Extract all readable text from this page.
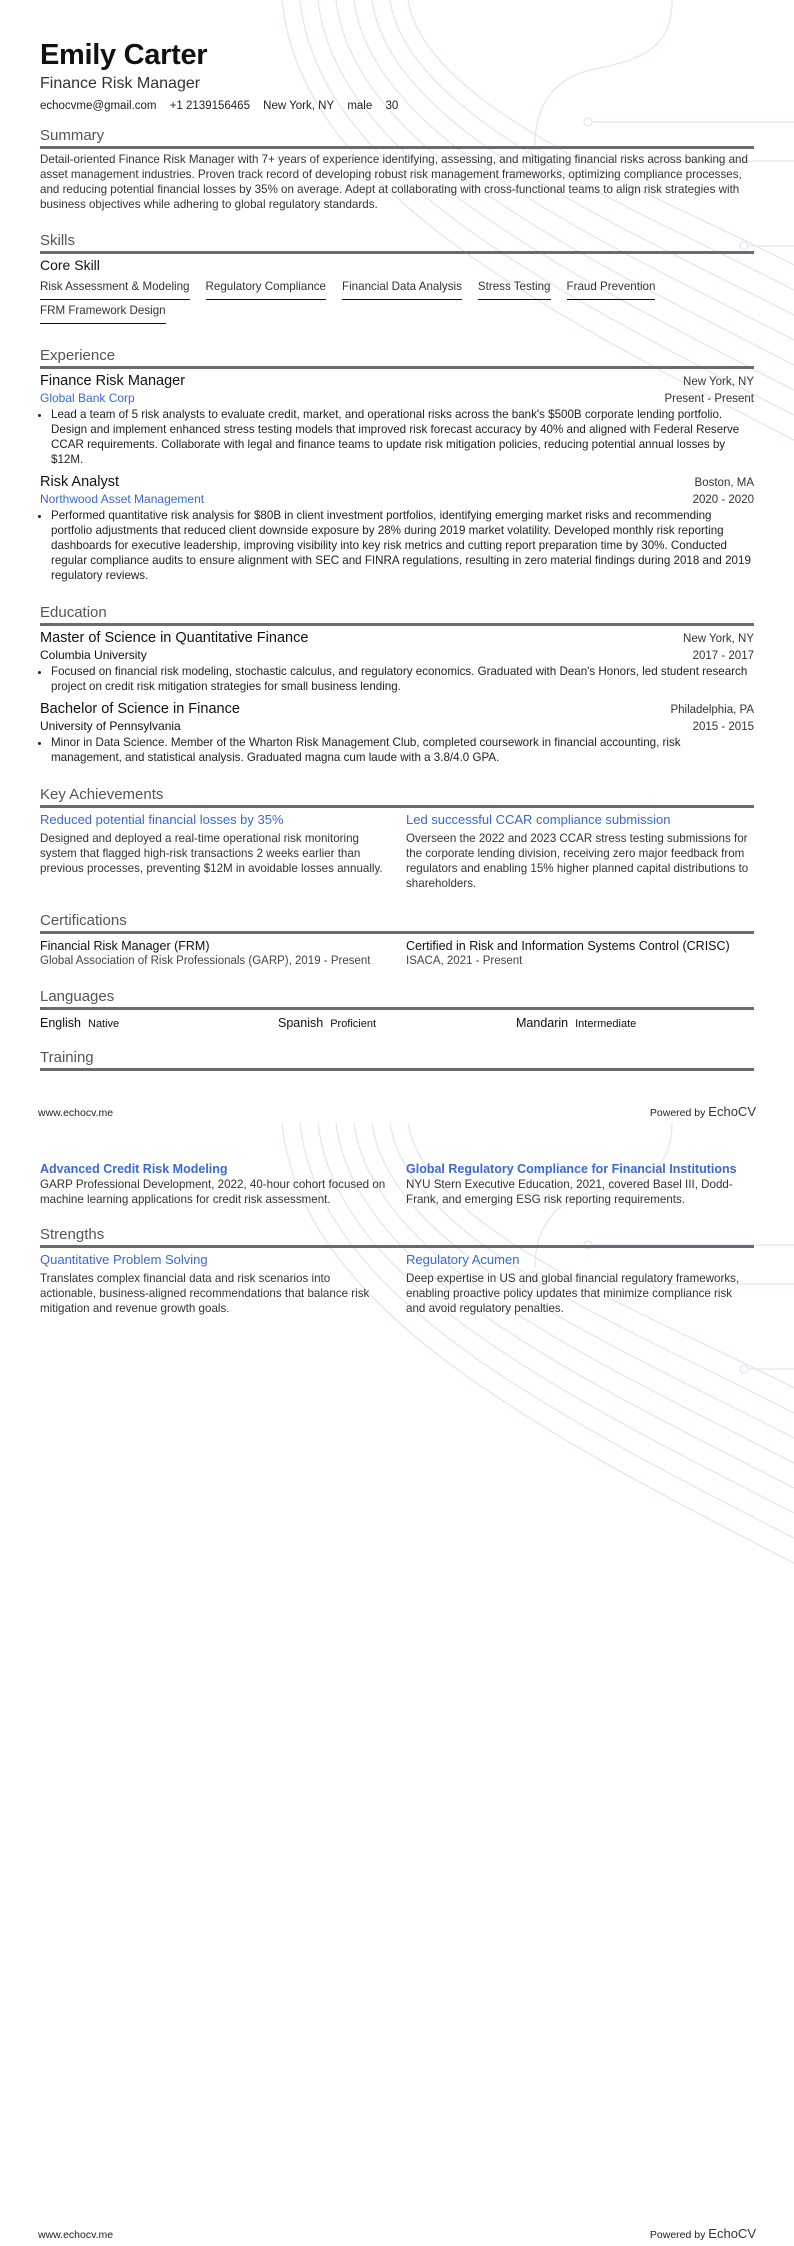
Emily Carter
Finance Risk Manager
echocvme@gmail.com +1 2139156465 New York, NY male 30
Summary
Detail-oriented Finance Risk Manager with 7+ years of experience identifying, assessing, and mitigating financial risks across banking and asset management industries. Proven track record of developing robust risk management frameworks, optimizing compliance processes, and reducing potential financial losses by 35% on average. Adept at collaborating with cross-functional teams to align risk strategies with business objectives while adhering to global regulatory standards.
Skills
Core Skill
Risk Assessment & Modeling Regulatory Compliance Financial Data Analysis Stress Testing Fraud Prevention
FRM Framework Design
Experience
Finance Risk Manager	New York, NY
Global Bank Corp	Present - Present
• Lead a team of 5 risk analysts to evaluate credit, market, and operational risks across the bank's $500B corporate lending portfolio. Design and implement enhanced stress testing models that improved risk forecast accuracy by 40% and aligned with Federal Reserve CCAR requirements. Collaborate with legal and finance teams to update risk mitigation policies, reducing potential annual losses by $12M.
Risk Analyst	Boston, MA
Northwood Asset Management	2020 - 2020
• Performed quantitative risk analysis for $80B in client investment portfolios, identifying emerging market risks and recommending portfolio adjustments that reduced client downside exposure by 28% during 2019 market volatility. Developed monthly risk reporting dashboards for executive leadership, improving visibility into key risk metrics and cutting report preparation time by 30%. Conducted regular compliance audits to ensure alignment with SEC and FINRA regulations, resulting in zero material findings during 2018 and 2019 regulatory reviews.
Education
Master of Science in Quantitative Finance	New York, NY
Columbia University	2017 - 2017
• Focused on financial risk modeling, stochastic calculus, and regulatory economics. Graduated with Dean's Honors, led student research project on credit risk mitigation strategies for small business lending.
Bachelor of Science in Finance	Philadelphia, PA
University of Pennsylvania	2015 - 2015
• Minor in Data Science. Member of the Wharton Risk Management Club, completed coursework in financial accounting, risk management, and statistical analysis. Graduated magna cum laude with a 3.8/4.0 GPA.
Key Achievements
Reduced potential financial losses by 35%
Designed and deployed a real-time operational risk monitoring system that flagged high-risk transactions 2 weeks earlier than previous processes, preventing $12M in avoidable losses annually.
Led successful CCAR compliance submission
Overseen the 2022 and 2023 CCAR stress testing submissions for the corporate lending division, receiving zero major feedback from regulators and enabling 15% higher planned capital distributions to shareholders.
Certifications
Financial Risk Manager (FRM)
Global Association of Risk Professionals (GARP), 2019 - Present
Certified in Risk and Information Systems Control (CRISC)
ISACA, 2021 - Present
Languages
English Native	Spanish Proficient	Mandarin Intermediate
Training
www.echocv.me	Powered by EchoCV
Advanced Credit Risk Modeling
GARP Professional Development, 2022, 40-hour cohort focused on machine learning applications for credit risk assessment.
Global Regulatory Compliance for Financial Institutions
NYU Stern Executive Education, 2021, covered Basel III, Dodd-Frank, and emerging ESG risk reporting requirements.
Strengths
Quantitative Problem Solving
Translates complex financial data and risk scenarios into actionable, business-aligned recommendations that balance risk mitigation and revenue growth goals.
Regulatory Acumen
Deep expertise in US and global financial regulatory frameworks, enabling proactive policy updates that minimize compliance risk and avoid regulatory penalties.
www.echocv.me	Powered by EchoCV
